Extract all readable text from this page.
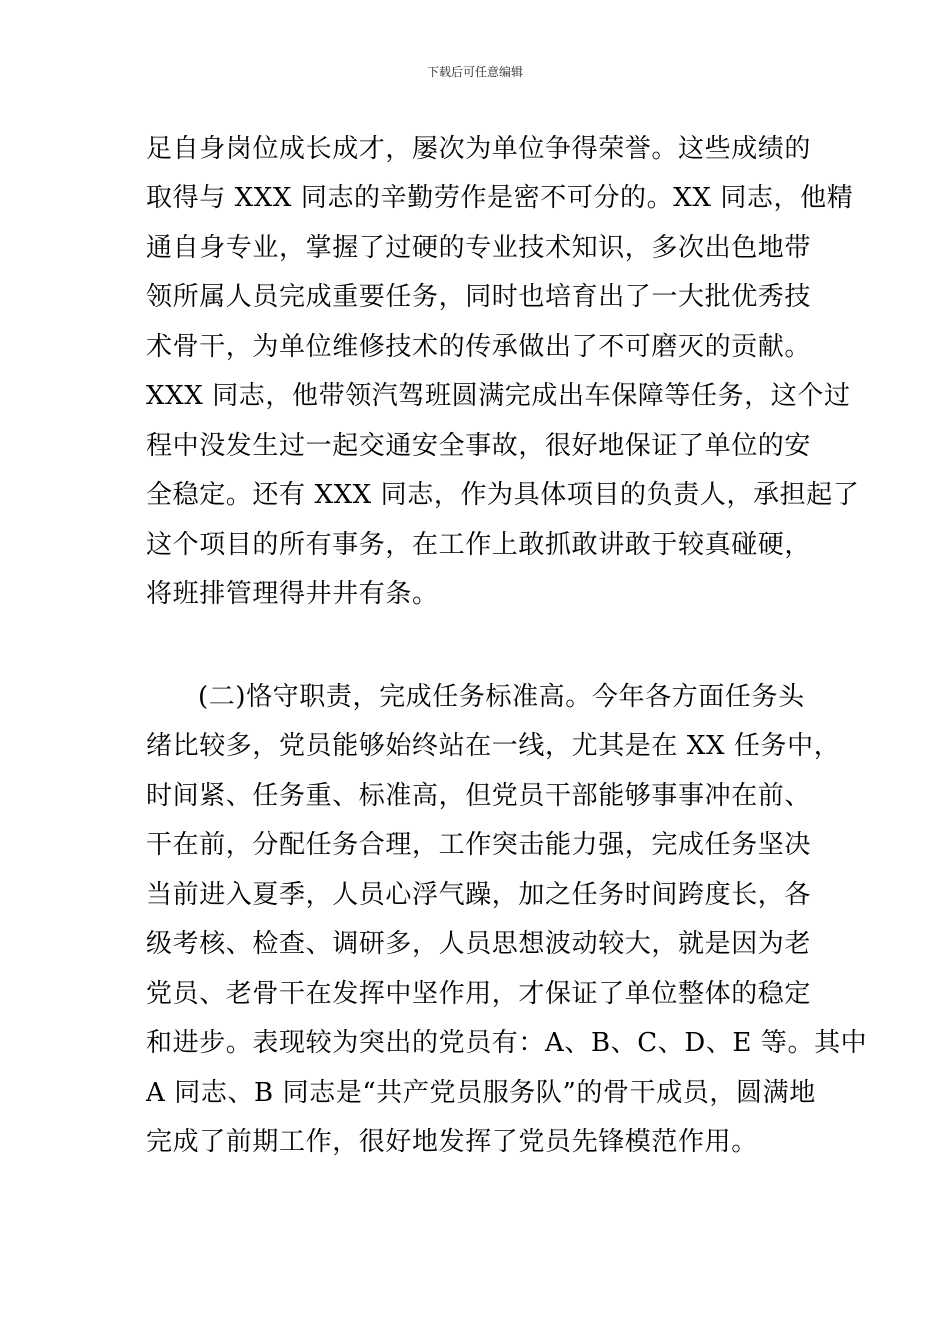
下载后可任意编辑
足自身岗位成长成才，屡次为单位争得荣誉。这些成绩的
取得与 XXX 同志的辛勤劳作是密不可分的。XX 同志，他精
通自身专业，掌握了过硬的专业技术知识，多次出色地带
领所属人员完成重要任务，同时也培育出了一大批优秀技
术骨干，为单位维修技术的传承做出了不可磨灭的贡献。
XXX 同志，他带领汽驾班圆满完成出车保障等任务，这个过
程中没发生过一起交通安全事故，很好地保证了单位的安
全稳定。还有 XXX 同志，作为具体项目的负责人，承担起了
这个项目的所有事务，在工作上敢抓敢讲敢于较真碰硬，
将班排管理得井井有条。
(二)恪守职责，完成任务标准高。今年各方面任务头
绪比较多，党员能够始终站在一线，尤其是在 XX 任务中，
时间紧、任务重、标准高，但党员干部能够事事冲在前、
干在前，分配任务合理，工作突击能力强，完成任务坚决
当前进入夏季，人员心浮气躁，加之任务时间跨度长，各
级考核、检查、调研多，人员思想波动较大，就是因为老
党员、老骨干在发挥中坚作用，才保证了单位整体的稳定
和进步。表现较为突出的党员有：A、B、C、D、E 等。其中
A 同志、B 同志是“共产党员服务队”的骨干成员，圆满地
完成了前期工作，很好地发挥了党员先锋模范作用。
